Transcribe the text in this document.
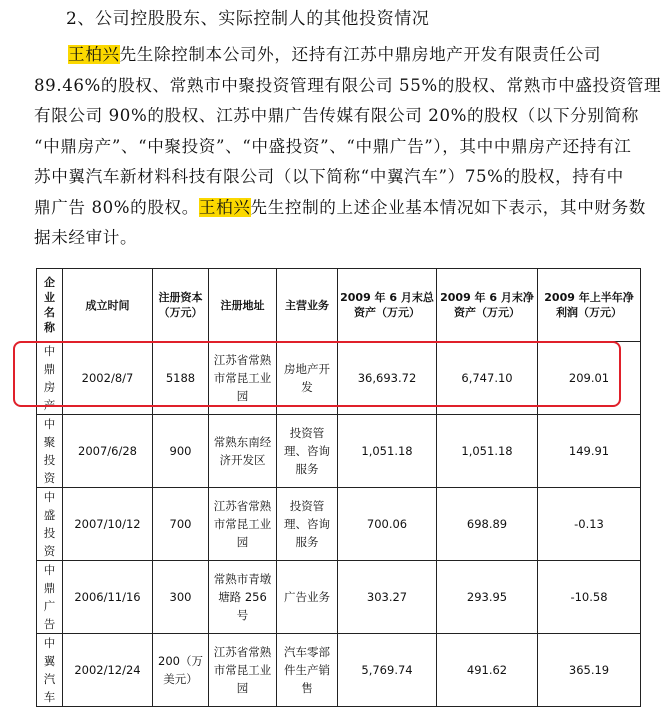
2、公司控股股东、实际控制人的其他投资情况
王柏兴先生除控制本公司外，还持有江苏中鼎房地产开发有限责任公司
89.46%的股权、常熟市中聚投资管理有限公司 55%的股权、常熟市中盛投资管理
有限公司 90%的股权、江苏中鼎广告传媒有限公司 20%的股权（以下分别简称
“中鼎房产”、“中聚投资”、“中盛投资”、“中鼎广告”），其中中鼎房产还持有江
苏中翼汽车新材料科技有限公司（以下简称“中翼汽车”）75%的股权，持有中
鼎广告 80%的股权。王柏兴先生控制的上述企业基本情况如下表示，其中财务数
据未经审计。
企业名称	成立时间	注册资本（万元）	注册地址	主营业务	2009 年 6 月末总资产（万元）	2009 年 6 月末净资产（万元）	2009 年上半年净利润（万元）
中鼎房产	2002/8/7	5188	江苏省常熟市常昆工业园	房地产开发	36,693.72	6,747.10	209.01
中聚投资	2007/6/28	900	常熟东南经济开发区	投资管理、咨询服务	1,051.18	1,051.18	149.91
中盛投资	2007/10/12	700	江苏省常熟市常昆工业园	投资管理、咨询服务	700.06	698.89	-0.13
中鼎广告	2006/11/16	300	常熟市青墩塘路 256 号	广告业务	303.27	293.95	-10.58
中翼汽车	2002/12/24	200（万美元）	江苏省常熟市常昆工业园	汽车零部件生产销售	5,769.74	491.62	365.19
